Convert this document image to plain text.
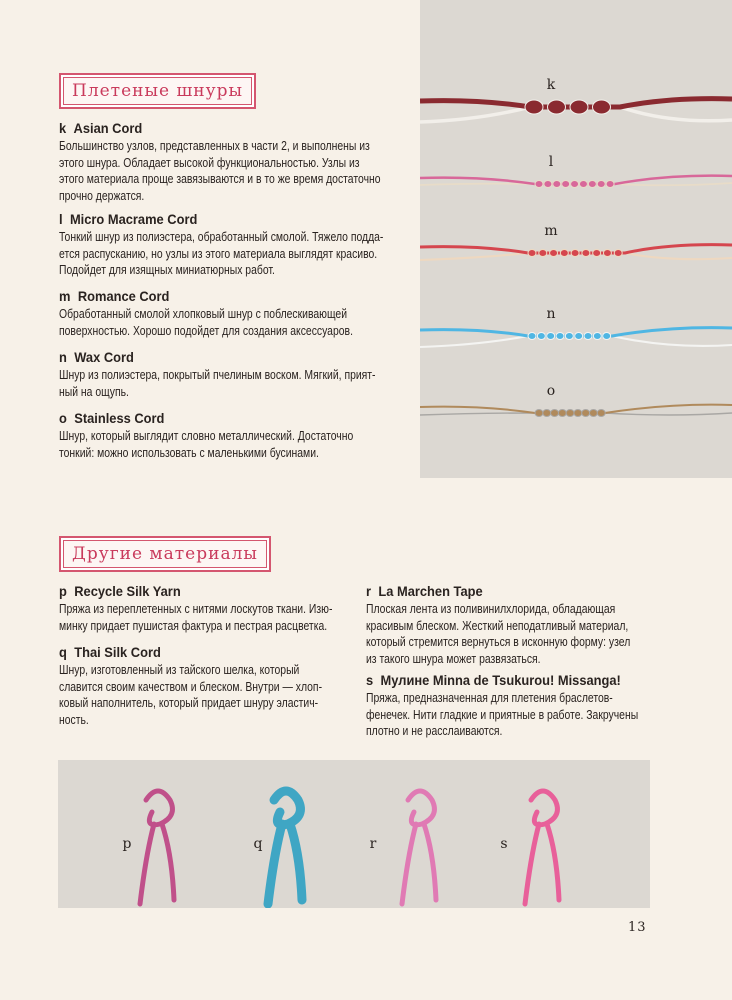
Плетеные шнуры
k Asian Cord
Большинство узлов, представленных в части 2, и выполнены из
этого шнура. Обладает высокой функциональностью. Узлы из
этого материала проще завязываются и в то же время достаточно
прочно держатся.
l Micro Macrame Cord
Тонкий шнур из полиэстера, обработанный смолой. Тяжело подда-
ется распусканию, но узлы из этого материала выглядят красиво.
Подойдет для изящных миниатюрных работ.
m Romance Cord
Обработанный смолой хлопковый шнур с поблескивающей
поверхностью. Хорошо подойдет для создания аксессуаров.
n Wax Cord
Шнур из полиэстера, покрытый пчелиным воском. Мягкий, прият-
ный на ощупь.
o Stainless Cord
Шнур, который выглядит словно металлический. Достаточно
тонкий: можно использовать с маленькими бусинами.
k
l
m
n
o
Другие материалы
p Recycle Silk Yarn
Пряжа из переплетенных с нитями лоскутов ткани. Изю-
минку придает пушистая фактура и пестрая расцветка.
q Thai Silk Cord
Шнур, изготовленный из тайского шелка, который
славится своим качеством и блеском. Внутри — хлоп-
ковый наполнитель, который придает шнуру эластич-
ность.
r La Marchen Tape
Плоская лента из поливинилхлорида, обладающая
красивым блеском. Жесткий неподатливый материал,
который стремится вернуться в исконную форму: узел
из такого шнура может развязаться.
s Мулине Minna de Tsukurou! Missanga!
Пряжа, предназначенная для плетения браслетов-
фенечек. Нити гладкие и приятные в работе. Закручены
плотно и не расслаиваются.
p	q	r	s
13
